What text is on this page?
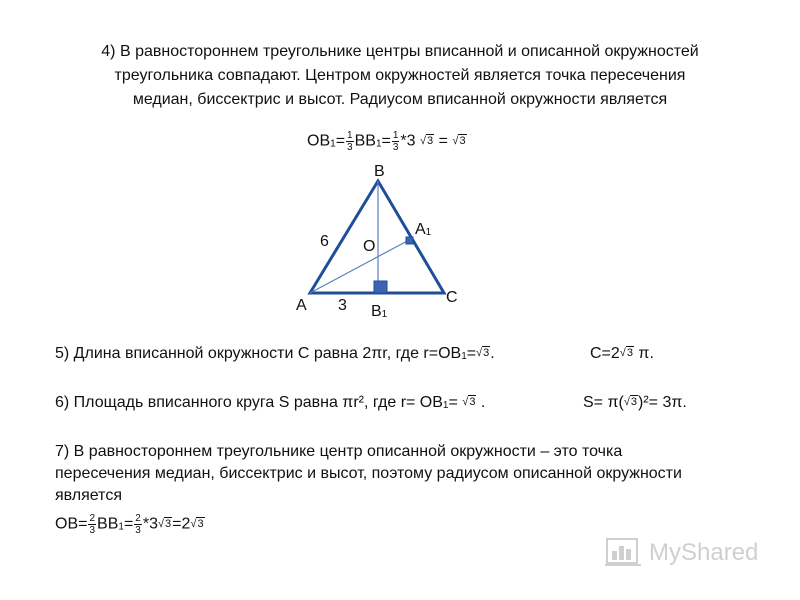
4) В равностороннем треугольнике центры вписанной и описанной окружностей
треугольника совпадают. Центром окружностей является точка пересечения
медиан, биссектрис и высот. Радиусом вписанной окружности является
$OB1= \frac{1}{3} BB1= \frac{1}{3} *3$ √3 = √3
B
A1
6 O
A 3 B1
C
5) Длина вписанной окружности С равна 2πr, где r=OB1=√3.	С=2√3 π.
6) Площадь вписанного круга S равна πr², где r= OB1= √3 .	S= π(√3)²= 3π.
7) В равностороннем треугольнике центр описанной окружности – это точка
пересечения медиан, биссектрис и высот, поэтому радиусом описанной окружности
является
$OB= \frac{2}{3} BB1= \frac{2}{3} *3√3=2√3$
MyShared
